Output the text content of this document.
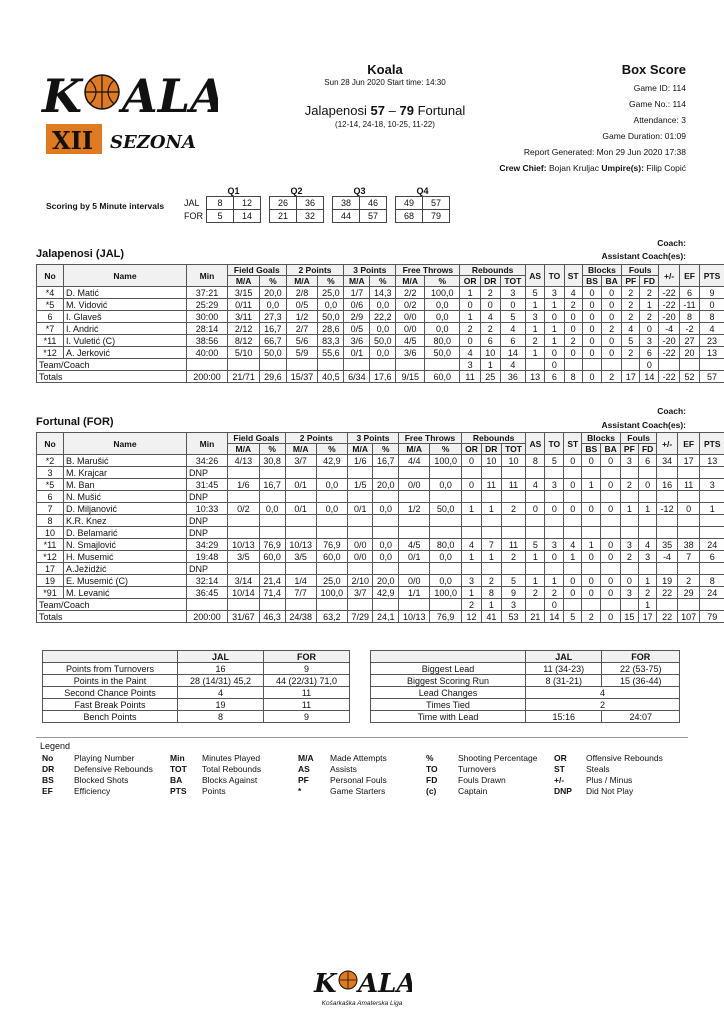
K ALA
XII SEZONA
Koala
Sun 28 Jun 2020 Start time: 14:30
Jalapenosi 57 – 79 Fortunal
(12-14, 24-18, 10-25, 11-22)
Box Score
Game ID: 114
Game No.: 114
Attendance: 3
Game Duration: 01:09
Report Generated: Mon 29 Jun 2020 17:38
Crew Chief: Bojan Kruljac Umpire(s): Filip Copić
Scoring by 5 Minute intervals
	Q1			Q2			Q3			Q4	
JAL	8	12		26	36		38	46		49	57
FOR	5	14		21	32		44	57		68	79
Coach:
Jalapenosi (JAL)	Assistant Coach(es):
No	Name	Min	Field Goals		2 Points		3 Points		Free Throws		Rebounds			AS	TO	ST	Blocks		Fouls		+/-	EF	PTS
			M/A	%	M/A	%	M/A	%	M/A	%	OR	DR	TOT				BS	BA	PF	FD			
*4	D. Matić	37:21	3/15	20,0	2/8	25,0	1/7	14,3	2/2	100,0	1	2	3	5	3	4	0	0	2	2	-22	6	9
*5	M. Vidović	25:29	0/11	0,0	0/5	0,0	0/6	0,0	0/2	0,0	0	0	0	1	1	2	0	0	2	1	-22	-11	0
6	I. Glaveš	30:00	3/11	27,3	1/2	50,0	2/9	22,2	0/0	0,0	1	4	5	3	0	0	0	0	2	2	-20	8	8
*7	I. Andrić	28:14	2/12	16,7	2/7	28,6	0/5	0,0	0/0	0,0	2	2	4	1	1	0	0	2	4	0	-4	-2	4
*11	I. Vuletić (C)	38:56	8/12	66,7	5/6	83,3	3/6	50,0	4/5	80,0	0	6	6	2	1	2	0	0	5	3	-20	27	23
*12	A. Jerković	40:00	5/10	50,0	5/9	55,6	0/1	0,0	3/6	50,0	4	10	14	1	0	0	0	0	2	6	-22	20	13
Team/Coach											3	1	4		0					0			
Totals		200:00	21/71	29,6	15/37	40,5	6/34	17,6	9/15	60,0	11	25	36	13	6	8	0	2	17	14	-22	52	57
Coach:
Fortunal (FOR)	Assistant Coach(es):
No	Name	Min	Field Goals		2 Points		3 Points		Free Throws		Rebounds			AS	TO	ST	Blocks		Fouls		+/-	EF	PTS
			M/A	%	M/A	%	M/A	%	M/A	%	OR	DR	TOT				BS	BA	PF	FD			
*2	B. Marušić	34:26	4/13	30,8	3/7	42,9	1/6	16,7	4/4	100,0	0	10	10	8	5	0	0	0	3	6	34	17	13
3	M. Krajcar	DNP																					
*5	M. Ban	31:45	1/6	16,7	0/1	0,0	1/5	20,0	0/0	0,0	0	11	11	4	3	0	1	0	2	0	16	11	3
6	N. Mušić	DNP																					
7	D. Miljanović	10:33	0/2	0,0	0/1	0,0	0/1	0,0	1/2	50,0	1	1	2	0	0	0	0	0	1	1	-12	0	1
8	K.R. Knez	DNP																					
10	D. Belamarić	DNP																					
*11	N. Smajlović	34:29	10/13	76,9	10/13	76,9	0/0	0,0	4/5	80,0	4	7	11	5	3	4	1	0	3	4	35	38	24
*12	H. Musemić	19:48	3/5	60,0	3/5	60,0	0/0	0,0	0/1	0,0	1	1	2	1	0	1	0	0	2	3	-4	7	6
17	A.Ježidžić	DNP																					
19	E. Musemić (C)	32:14	3/14	21,4	1/4	25,0	2/10	20,0	0/0	0,0	3	2	5	1	1	0	0	0	0	1	19	2	8
*91	M. Levanić	36:45	10/14	71,4	7/7	100,0	3/7	42,9	1/1	100,0	1	8	9	2	2	0	0	0	3	2	22	29	24
Team/Coach											2	1	3		0					1			
Totals		200:00	31/67	46,3	24/38	63,2	7/29	24,1	10/13	76,9	12	41	53	21	14	5	2	0	15	17	22	107	79
	JAL	FOR
Points from Turnovers	16	9
Points in the Paint	28 (14/31) 45,2	44 (22/31) 71,0
Second Chance Points	4	11
Fast Break Points	19	11
Bench Points	8	9
	JAL	FOR
Biggest Lead	11 (34-23)	22 (53-75)
Biggest Scoring Run	8 (31-21)	15 (36-44)
Lead Changes	4	
Times Tied	2	
Time with Lead	15:16	24:07
Legend
No	Playing Number	Min	Minutes Played	M/A	Made Attempts	%	Shooting Percentage	OR	Offensive Rebounds
DR	Defensive Rebounds	TOT	Total Rebounds	AS	Assists	TO	Turnovers	ST	Steals
BS	Blocked Shots	BA	Blocks Against	PF	Personal Fouls	FD	Fouls Drawn	+/-	Plus / Minus
EF	Efficiency	PTS	Points	*	Game Starters	(c)	Captain	DNP	Did Not Play
K ALA
Košarkaška Amaterska Liga
